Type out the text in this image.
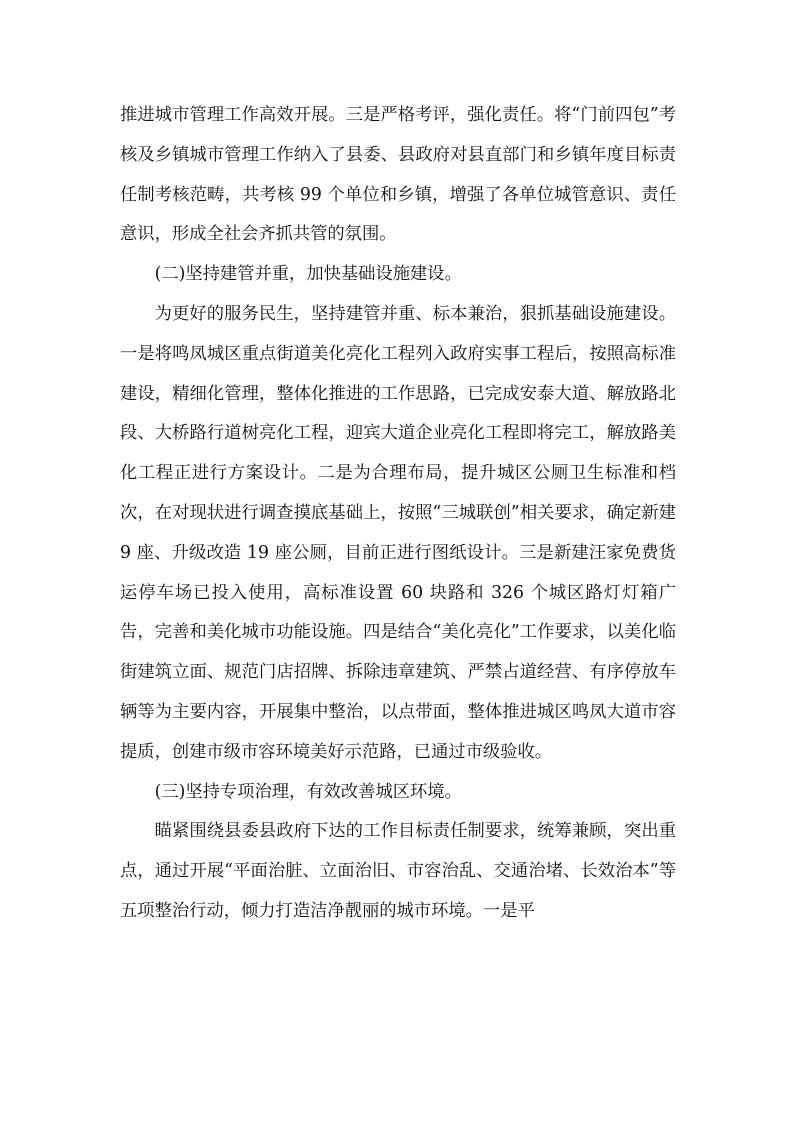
推进城市管理工作高效开展。三是严格考评，强化责任。将“门前四包”考核及乡镇城市管理工作纳入了县委、县政府对县直部门和乡镇年度目标责任制考核范畴，共考核 99 个单位和乡镇，增强了各单位城管意识、责任意识，形成全社会齐抓共管的氛围。

(二)坚持建管并重，加快基础设施建设。

为更好的服务民生，坚持建管并重、标本兼治，狠抓基础设施建设。一是将鸣凤城区重点街道美化亮化工程列入政府实事工程后，按照高标准建设，精细化管理，整体化推进的工作思路，已完成安泰大道、解放路北段、大桥路行道树亮化工程，迎宾大道企业亮化工程即将完工，解放路美化工程正进行方案设计。二是为合理布局，提升城区公厕卫生标准和档次，在对现状进行调查摸底基础上，按照“三城联创”相关要求，确定新建 9 座、升级改造 19 座公厕，目前正进行图纸设计。三是新建汪家免费货运停车场已投入使用，高标准设置 60 块路和 326 个城区路灯灯箱广告，完善和美化城市功能设施。四是结合“美化亮化”工作要求，以美化临街建筑立面、规范门店招牌、拆除违章建筑、严禁占道经营、有序停放车辆等为主要内容，开展集中整治，以点带面，整体推进城区鸣凤大道市容提质，创建市级市容环境美好示范路，已通过市级验收。

(三)坚持专项治理，有效改善城区环境。

瞄紧围绕县委县政府下达的工作目标责任制要求，统筹兼顾，突出重点，通过开展“平面治脏、立面治旧、市容治乱、交通治堵、长效治本”等五项整治行动，倾力打造洁净靓丽的城市环境。一是平
